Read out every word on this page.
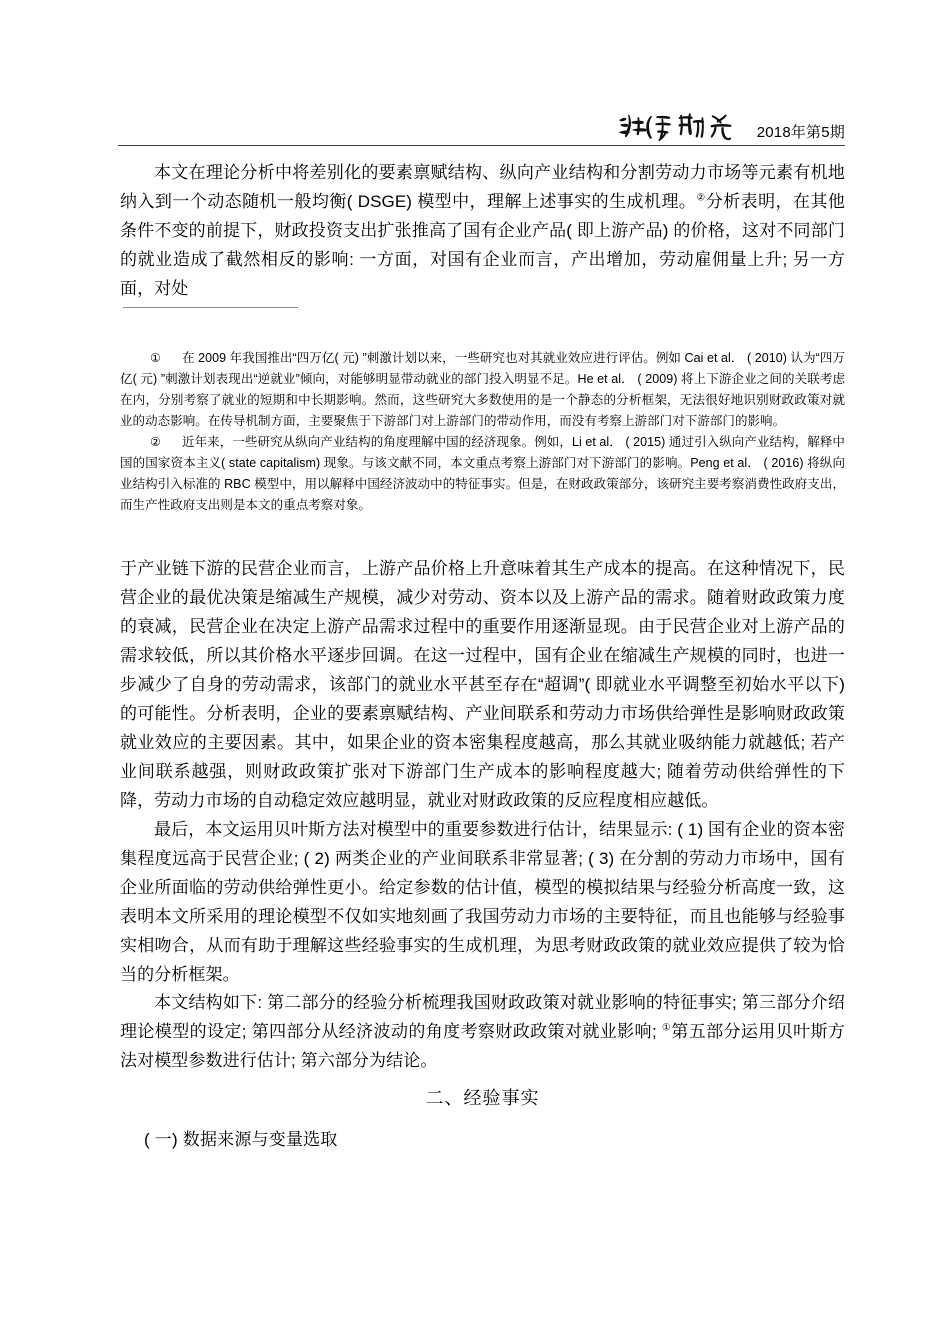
2018年第5期

本文在理论分析中将差别化的要素禀赋结构、纵向产业结构和分割劳动力市场等元素有机地纳入到一个动态随机一般均衡( DSGE) 模型中，理解上述事实的生成机理。②分析表明，在其他条件不变的前提下，财政投资支出扩张推高了国有企业产品( 即上游产品) 的价格，这对不同部门的就业造成了截然相反的影响: 一方面，对国有企业而言，产出增加，劳动雇佣量上升; 另一方面，对处

① 在 2009 年我国推出“四万亿( 元) ”刺激计划以来，一些研究也对其就业效应进行评估。例如 Cai et al． ( 2010) 认为“四万亿( 元) ”刺激计划表现出“逆就业”倾向，对能够明显带动就业的部门投入明显不足。He et al． ( 2009) 将上下游企业之间的关联考虑在内，分别考察了就业的短期和中长期影响。然而，这些研究大多数使用的是一个静态的分析框架，无法很好地识别财政政策对就业的动态影响。在传导机制方面，主要聚焦于下游部门对上游部门的带动作用，而没有考察上游部门对下游部门的影响。

② 近年来，一些研究从纵向产业结构的角度理解中国的经济现象。例如，Li et al． ( 2015) 通过引入纵向产业结构，解释中国的国家资本主义( state capitalism) 现象。与该文献不同，本文重点考察上游部门对下游部门的影响。Peng et al． ( 2016) 将纵向业结构引入标准的 RBC 模型中，用以解释中国经济波动中的特征事实。但是，在财政政策部分，该研究主要考察消费性政府支出，而生产性政府支出则是本文的重点考察对象。

于产业链下游的民营企业而言，上游产品价格上升意味着其生产成本的提高。在这种情况下，民营企业的最优决策是缩减生产规模，减少对劳动、资本以及上游产品的需求。随着财政政策力度的衰减，民营企业在决定上游产品需求过程中的重要作用逐渐显现。由于民营企业对上游产品的需求较低，所以其价格水平逐步回调。在这一过程中，国有企业在缩减生产规模的同时，也进一步减少了自身的劳动需求，该部门的就业水平甚至存在“超调”( 即就业水平调整至初始水平以下) 的可能性。分析表明，企业的要素禀赋结构、产业间联系和劳动力市场供给弹性是影响财政政策就业效应的主要因素。其中，如果企业的资本密集程度越高，那么其就业吸纳能力就越低; 若产业间联系越强，则财政政策扩张对下游部门生产成本的影响程度越大; 随着劳动供给弹性的下降，劳动力市场的自动稳定效应越明显，就业对财政政策的反应程度相应越低。

最后，本文运用贝叶斯方法对模型中的重要参数进行估计，结果显示: ( 1) 国有企业的资本密集程度远高于民营企业; ( 2) 两类企业的产业间联系非常显著; ( 3) 在分割的劳动力市场中，国有企业所面临的劳动供给弹性更小。给定参数的估计值，模型的模拟结果与经验分析高度一致，这表明本文所采用的理论模型不仅如实地刻画了我国劳动力市场的主要特征，而且也能够与经验事实相吻合，从而有助于理解这些经验事实的生成机理，为思考财政政策的就业效应提供了较为恰当的分析框架。

本文结构如下: 第二部分的经验分析梳理我国财政政策对就业影响的特征事实; 第三部分介绍理论模型的设定; 第四部分从经济波动的角度考察财政政策对就业影响; ①第五部分运用贝叶斯方法对模型参数进行估计; 第六部分为结论。

二、经验事实
( 一) 数据来源与变量选取
